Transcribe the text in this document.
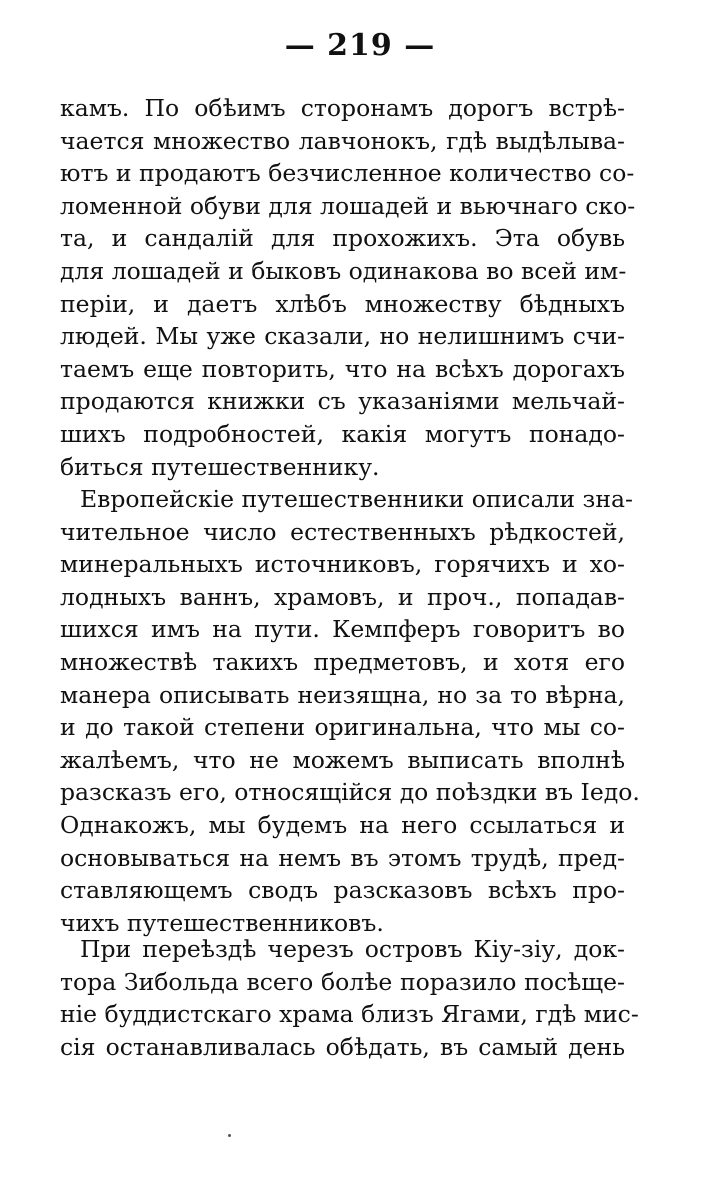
— 219 —
камъ. По обѣимъ сторонамъ дорогъ встрѣ-
чается множество лавчонокъ, гдѣ выдѣлыва-
ютъ и продаютъ безчисленное количество со-
ломенной обуви для лошадей и вьючнаго ско-
та, и сандалій для прохожихъ. Эта обувь
для лошадей и быковъ одинакова во всей им-
періи, и даетъ хлѣбъ множеству бѣдныхъ
людей. Мы уже сказали, но нелишнимъ счи-
таемъ еще повторить, что на всѣхъ дорогахъ
продаются книжки съ указаніями мельчай-
шихъ подробностей, какія могутъ понадо-
биться путешественнику.
Европейскіе путешественники описали зна-
чительное число естественныхъ рѣдкостей,
минеральныхъ источниковъ, горячихъ и хо-
лодныхъ ваннъ, храмовъ, и проч., попадав-
шихся имъ на пути. Кемпферъ говоритъ во
множествѣ такихъ предметовъ, и хотя его
манера описывать неизящна, но за то вѣрна,
и до такой степени оригинальна, что мы со-
жалѣемъ, что не можемъ выписать вполнѣ
разсказъ его, относящійся до поѣздки въ Іедо.
Однакожъ, мы будемъ на него ссылаться и
основываться на немъ въ этомъ трудѣ, пред-
ставляющемъ сводъ разсказовъ всѣхъ про-
чихъ путешественниковъ.
При переѣздѣ черезъ островъ Кіу-зіу, док-
тора Зибольда всего болѣе поразило посѣще-
ніе буддистскаго храма близъ Ягами, гдѣ мис-
сія останавливалась обѣдать, въ самый день
